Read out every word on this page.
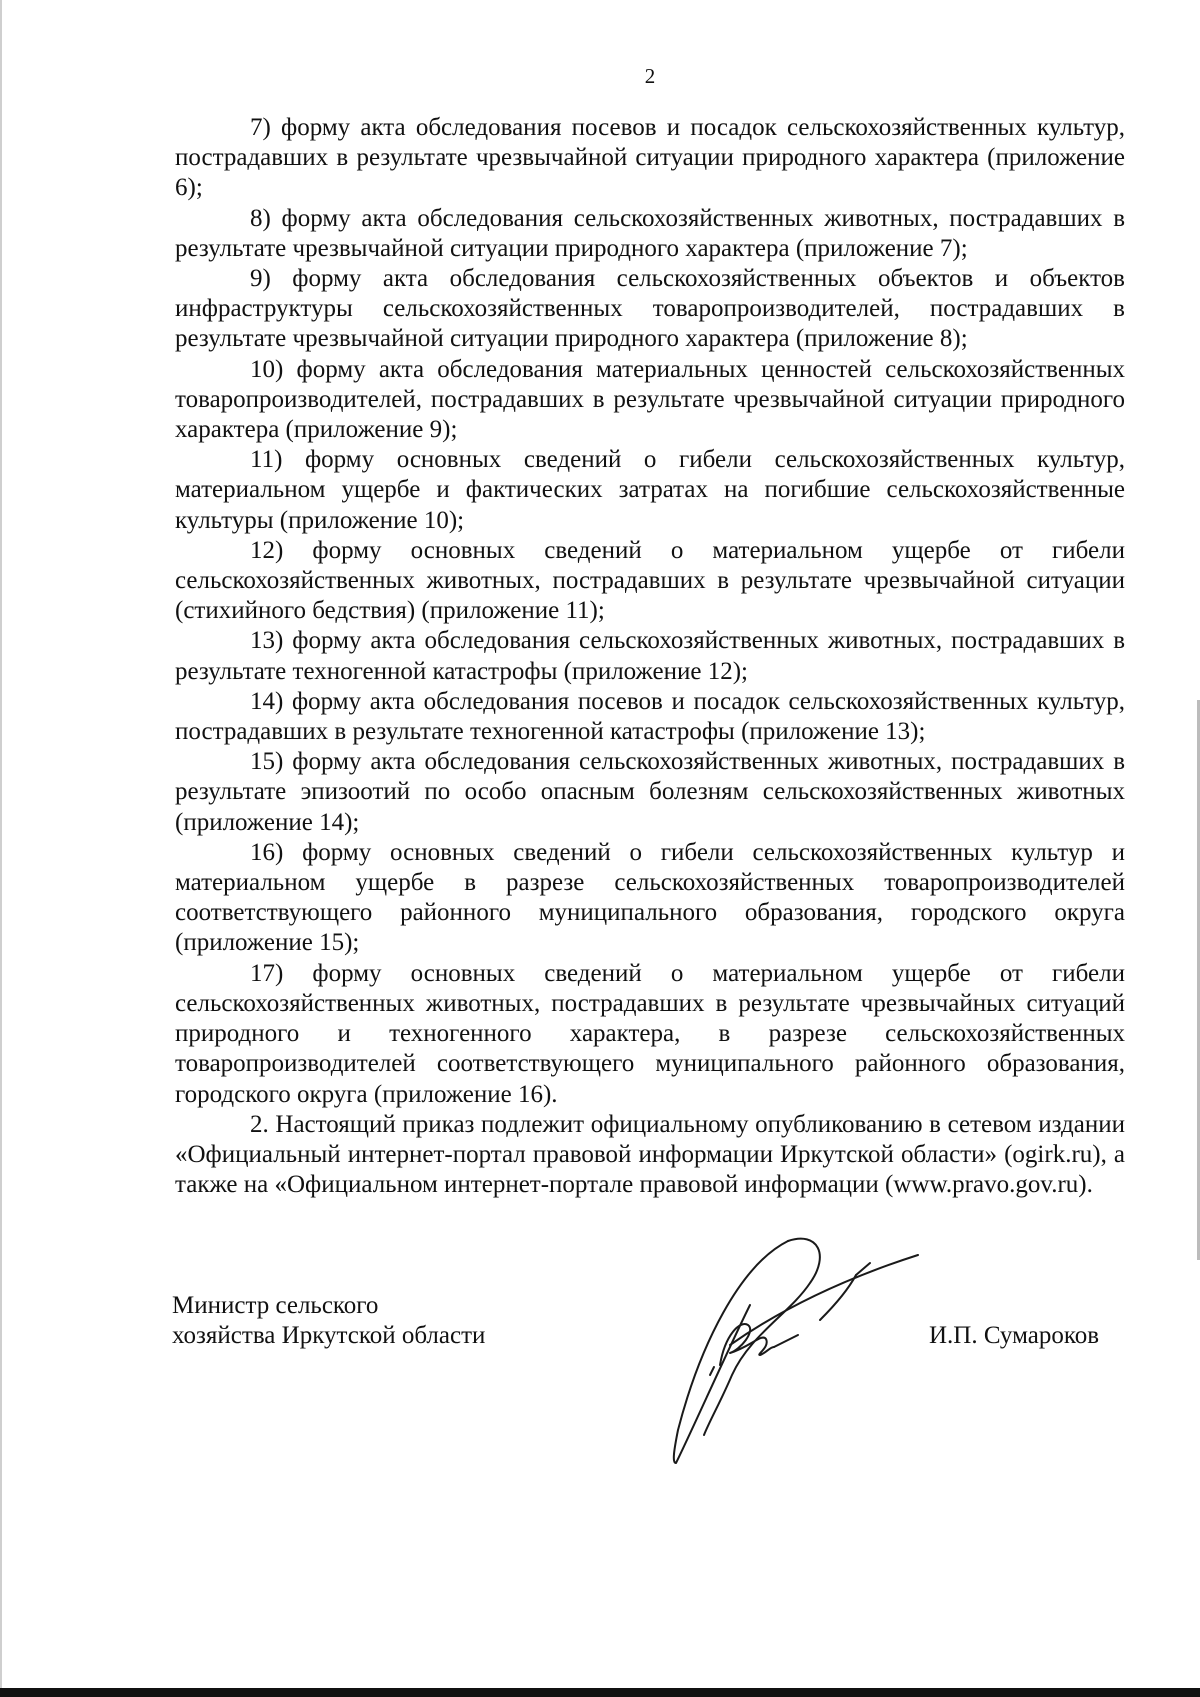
2

7) форму акта обследования посевов и посадок сельскохозяйственных культур, пострадавших в результате чрезвычайной ситуации природного характера (приложение 6);

8) форму акта обследования сельскохозяйственных животных, пострадавших в результате чрезвычайной ситуации природного характера (приложение 7);

9) форму акта обследования сельскохозяйственных объектов и объектов инфраструктуры сельскохозяйственных товаропроизводителей, пострадавших в результате чрезвычайной ситуации природного характера (приложение 8);

10) форму акта обследования материальных ценностей сельскохозяйственных товаропроизводителей, пострадавших в результате чрезвычайной ситуации природного характера (приложение 9);

11) форму основных сведений о гибели сельскохозяйственных культур, материальном ущербе и фактических затратах на погибшие сельскохозяйственные культуры (приложение 10);

12) форму основных сведений о материальном ущербе от гибели сельскохозяйственных животных, пострадавших в результате чрезвычайной ситуации (стихийного бедствия) (приложение 11);

13) форму акта обследования сельскохозяйственных животных, пострадавших в результате техногенной катастрофы (приложение 12);

14) форму акта обследования посевов и посадок сельскохозяйственных культур, пострадавших в результате техногенной катастрофы (приложение 13);

15) форму акта обследования сельскохозяйственных животных, пострадавших в результате эпизоотий по особо опасным болезням сельскохозяйственных животных (приложение 14);

16) форму основных сведений о гибели сельскохозяйственных культур и материальном ущербе в разрезе сельскохозяйственных товаропроизводителей соответствующего районного муниципального образования, городского округа (приложение 15);

17) форму основных сведений о материальном ущербе от гибели сельскохозяйственных животных, пострадавших в результате чрезвычайных ситуаций природного и техногенного характера, в разрезе сельскохозяйственных товаропроизводителей соответствующего муниципального районного образования, городского округа (приложение 16).

2. Настоящий приказ подлежит официальному опубликованию в сетевом издании «Официальный интернет-портал правовой информации Иркутской области» (ogirk.ru), а также на «Официальном интернет-портале правовой информации (www.pravo.gov.ru).

Министр сельского
хозяйства Иркутской области	И.П. Сумароков
